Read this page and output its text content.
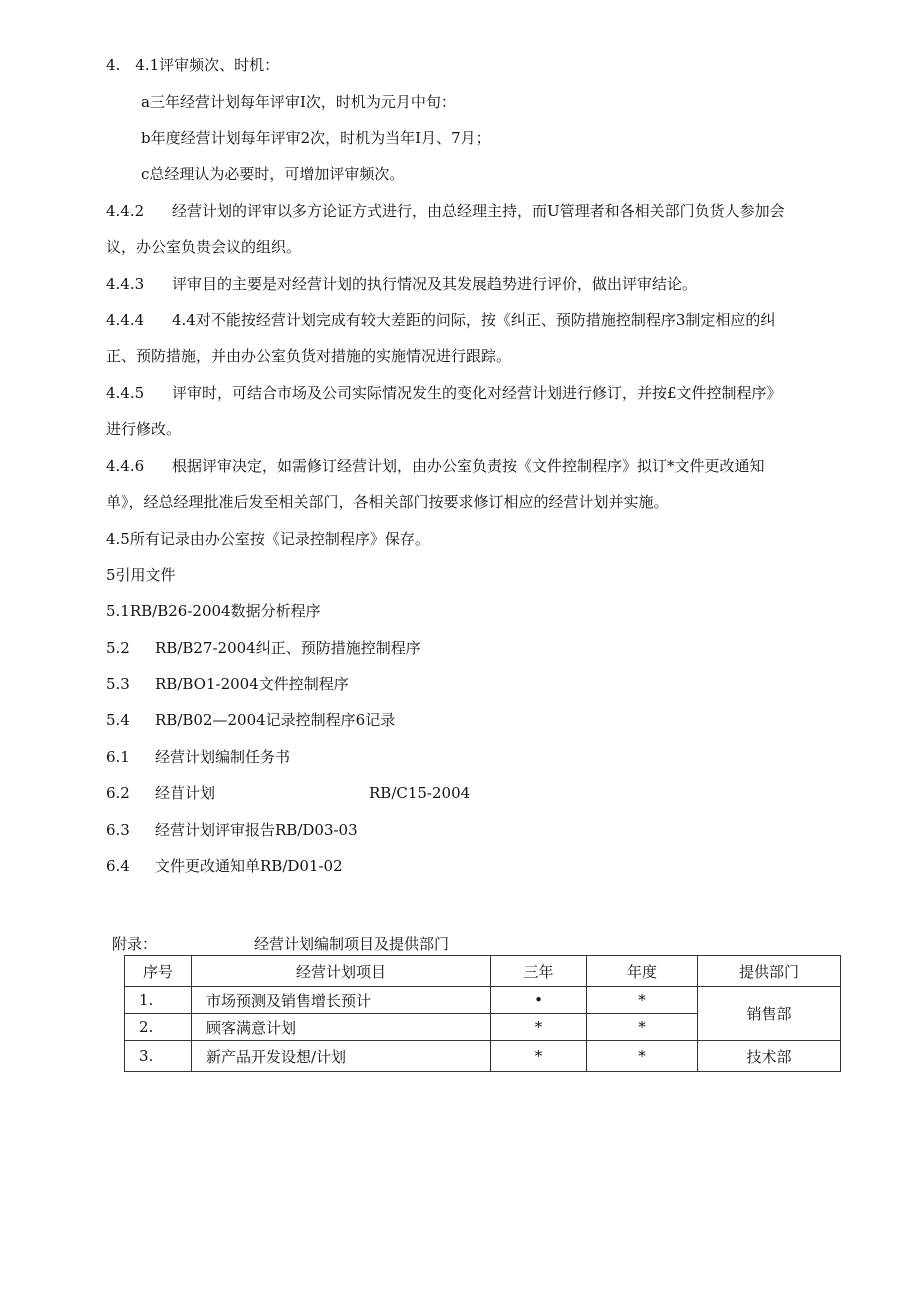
4.　4.1评审频次、时机：
a三年经营计划每年评审I次，时机为元月中旬：
b年度经营计划每年评审2次，时机为当年I月、7月；
c总经理认为必要时，可增加评审频次。
4.4.2 经营计划的评审以多方论证方式进行，由总经理主持，而U管理者和各相关部门负货人参加会
议，办公室负贵会议的组织。
4.4.3 评审目的主要是对经营计划的执行情况及其发展趋势进行评价，做出评审结论。
4.4.4 4.4对不能按经营计划完成有较大差距的问际，按《纠正、预防措施控制程序3制定相应的纠
正、预防措施，并由办公室负货对措施的实施情况进行跟踪。
4.4.5 评审时，可结合市场及公司实际情况发生的变化对经营计划进行修订，并按£文件控制程序》
进行修改。
4.4.6 根据评审决定，如需修订经营计划，由办公室负责按《文件控制程序》拟订*文件更改通知
单》，经总经理批准后发至相关部门，各相关部门按要求修订相应的经营计划并实施。
4.5所有记录由办公室按《记录控制程序》保存。
5引用文件
5.1RB/B26-2004数据分析程序
5.2 RB/B27-2004纠正、预防措施控制程序
5.3 RB/BO1-2004文件控制程序
5.4 RB/B02—2004记录控制程序6记录
6.1 经营计划编制任务书
6.2 经苜计划	RB/C15-2004
6.3 经营计划评审报告RB/D03-03
6.4 文件更改通知单RB/D01-02
附录：	经营计划编制项目及提供部门
序号	经营计划项目	三年	年度	提供部门
1.	市场预测及销售增长预计	•	*	销售部
2.	顾客满意计划	*	*	
3.	新产品开发设想/计划	*	*	技术部
